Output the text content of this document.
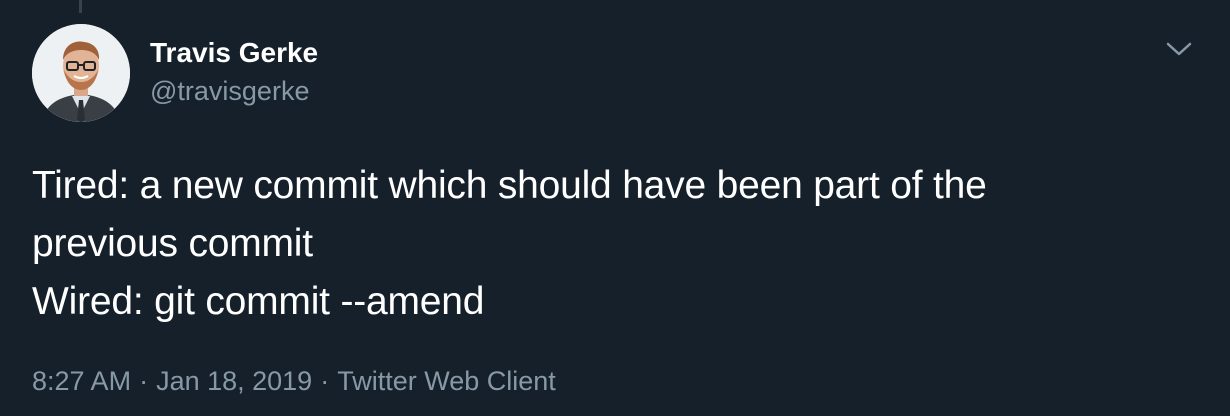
Travis Gerke
@travisgerke
Tired: a new commit which should have been part of the
previous commit
Wired: git commit --amend
8:27 AM · Jan 18, 2019 · Twitter Web Client
